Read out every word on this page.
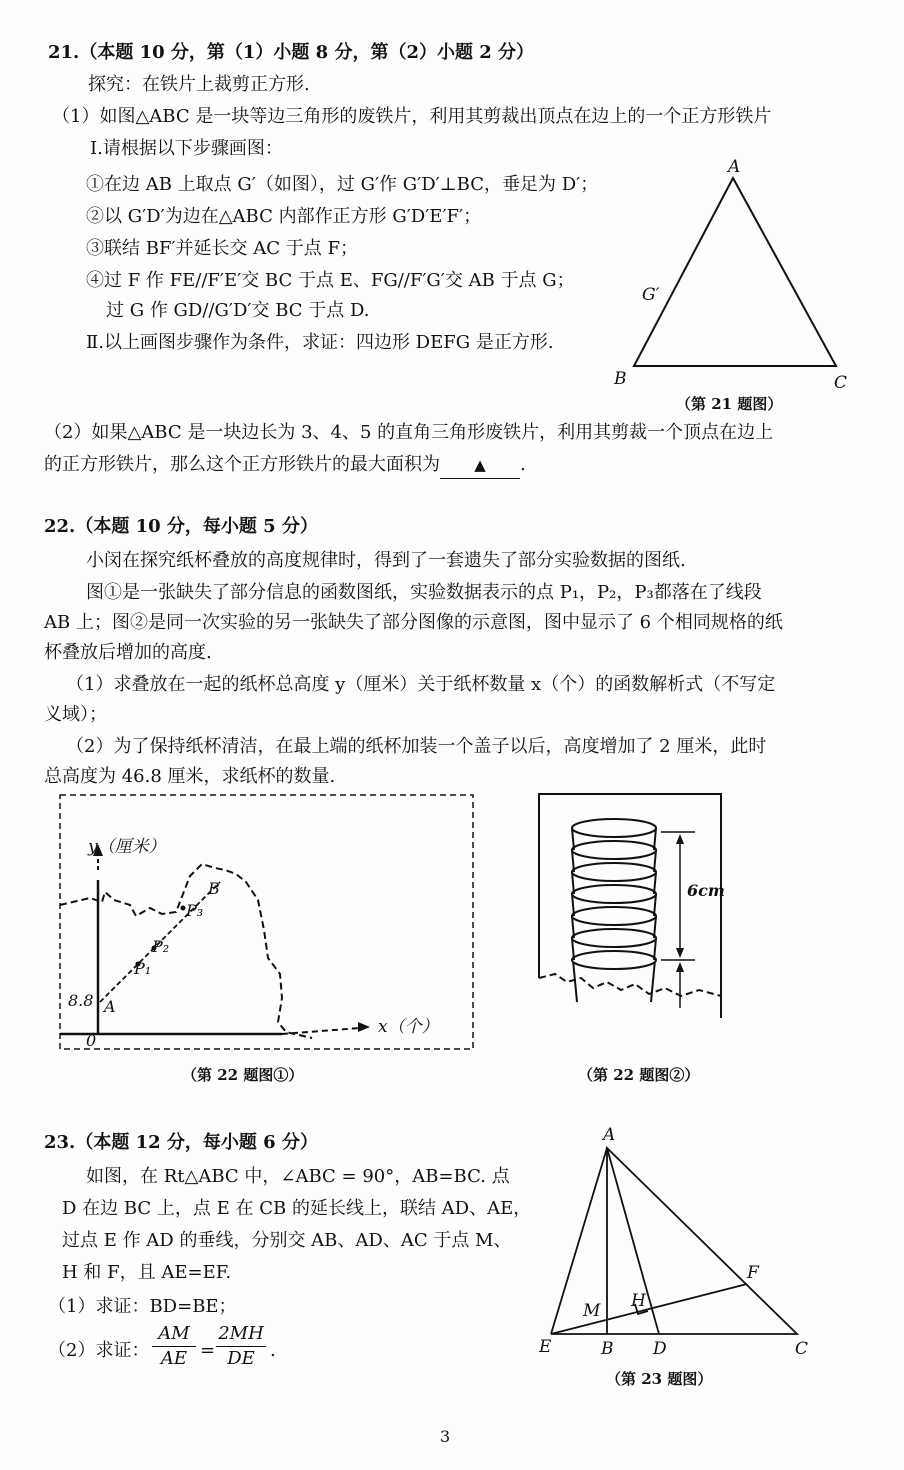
21.（本题 10 分，第（1）小题 8 分，第（2）小题 2 分）
探究：在铁片上裁剪正方形.
（1）如图△ABC 是一块等边三角形的废铁片，利用其剪裁出顶点在边上的一个正方形铁片
Ⅰ.请根据以下步骤画图：
①在边 AB 上取点 G′（如图），过 G′作 G′D′⊥BC，垂足为 D′；
②以 G′D′为边在△ABC 内部作正方形 G′D′E′F′；
③联结 BF′并延长交 AC 于点 F；
④过 F 作 FE//F′E′交 BC 于点 E、FG//F′G′交 AB 于点 G；
过 G 作 GD//G′D′交 BC 于点 D.
Ⅱ.以上画图步骤作为条件，求证：四边形 DEFG 是正方形.
A
B	C
G′
（第 21 题图）
（2）如果△ABC 是一块边长为 3、4、5 的直角三角形废铁片，利用其剪裁一个顶点在边上
的正方形铁片，那么这个正方形铁片的最大面积为 ▲ .
22.（本题 10 分，每小题 5 分）
小闵在探究纸杯叠放的高度规律时，得到了一套遗失了部分实验数据的图纸.
图①是一张缺失了部分信息的函数图纸，实验数据表示的点 P₁，P₂，P₃都落在了线段
AB 上；图②是同一次实验的另一张缺失了部分图像的示意图，图中显示了 6 个相同规格的纸
杯叠放后增加的高度.
（1）求叠放在一起的纸杯总高度 y（厘米）关于纸杯数量 x（个）的函数解析式（不写定
义域）；
（2）为了保持纸杯清洁，在最上端的纸杯加装一个盖子以后，高度增加了 2 厘米，此时
总高度为 46.8 厘米，求纸杯的数量.
y（厘米）
x（个）
0
8.8 A
B
P₁
P₂
P₃
（第 22 题图①）
6cm
（第 22 题图②）
23.（本题 12 分，每小题 6 分）
如图，在 Rt△ABC 中，∠ABC = 90°，AB=BC. 点
D 在边 BC 上，点 E 在 CB 的延长线上，联结 AD、AE，
过点 E 作 AD 的垂线，分别交 AB、AD、AC 于点 M、
H 和 F，且 AE=EF.
（1）求证：BD=BE；
（2）求证： $\frac{AM}{AE} = \frac{2MH}{DE}$ .
A
B	C
D
E
F
H
M
（第 23 题图）
3
